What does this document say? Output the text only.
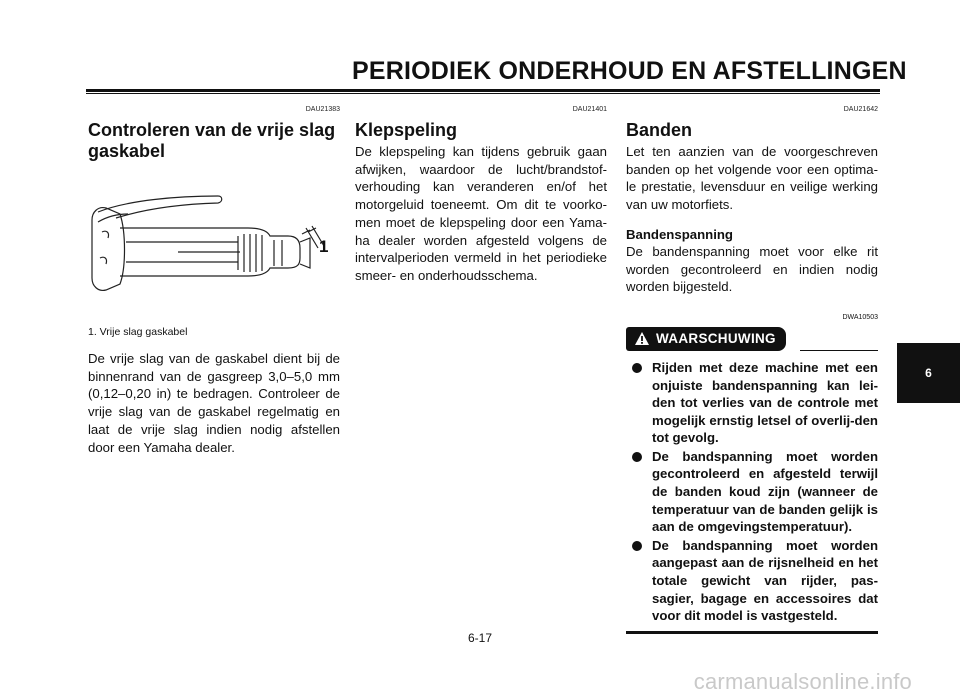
PERIODIEK ONDERHOUD EN AFSTELLINGEN
DAU21383
Controleren van de vrije slag gaskabel
1
1. Vrije slag gaskabel

De vrije slag van de gaskabel dient bij de binnenrand van de gasgreep 3,0–5,0 mm (0,12–0,20 in) te bedragen. Controleer de vrije slag van de gaskabel regelmatig en laat de vrije slag indien nodig afstellen door een Yamaha dealer.

DAU21401
Klepspeling

De klepspeling kan tijdens gebruik gaan afwijken, waardoor de lucht/brandstof-verhouding kan veranderen en/of het motorgeluid toeneemt. Om dit te voorko-men moet de klepspeling door een Yama-ha dealer worden afgesteld volgens de intervalperioden vermeld in het periodieke smeer- en onderhoudsschema.

DAU21642
Banden

Let ten aanzien van de voorgeschreven banden op het volgende voor een optima-le prestatie, levensduur en veilige werking van uw motorfiets.

Bandenspanning

De bandenspanning moet voor elke rit worden gecontroleerd en indien nodig worden bijgesteld.

DWA10503
WAARSCHUWING
Rijden met deze machine met een onjuiste bandenspanning kan lei-den tot verlies van de controle met mogelijk ernstig letsel of overlij-den tot gevolg.
De bandspanning moet worden gecontroleerd en afgesteld terwijl de banden koud zijn (wanneer de temperatuur van de banden gelijk is aan de omgevingstemperatuur).
De bandspanning moet worden aangepast aan de rijsnelheid en het totale gewicht van rijder, pas-sagier, bagage en accessoires dat voor dit model is vastgesteld.
6
6-17
carmanualsonline.info
